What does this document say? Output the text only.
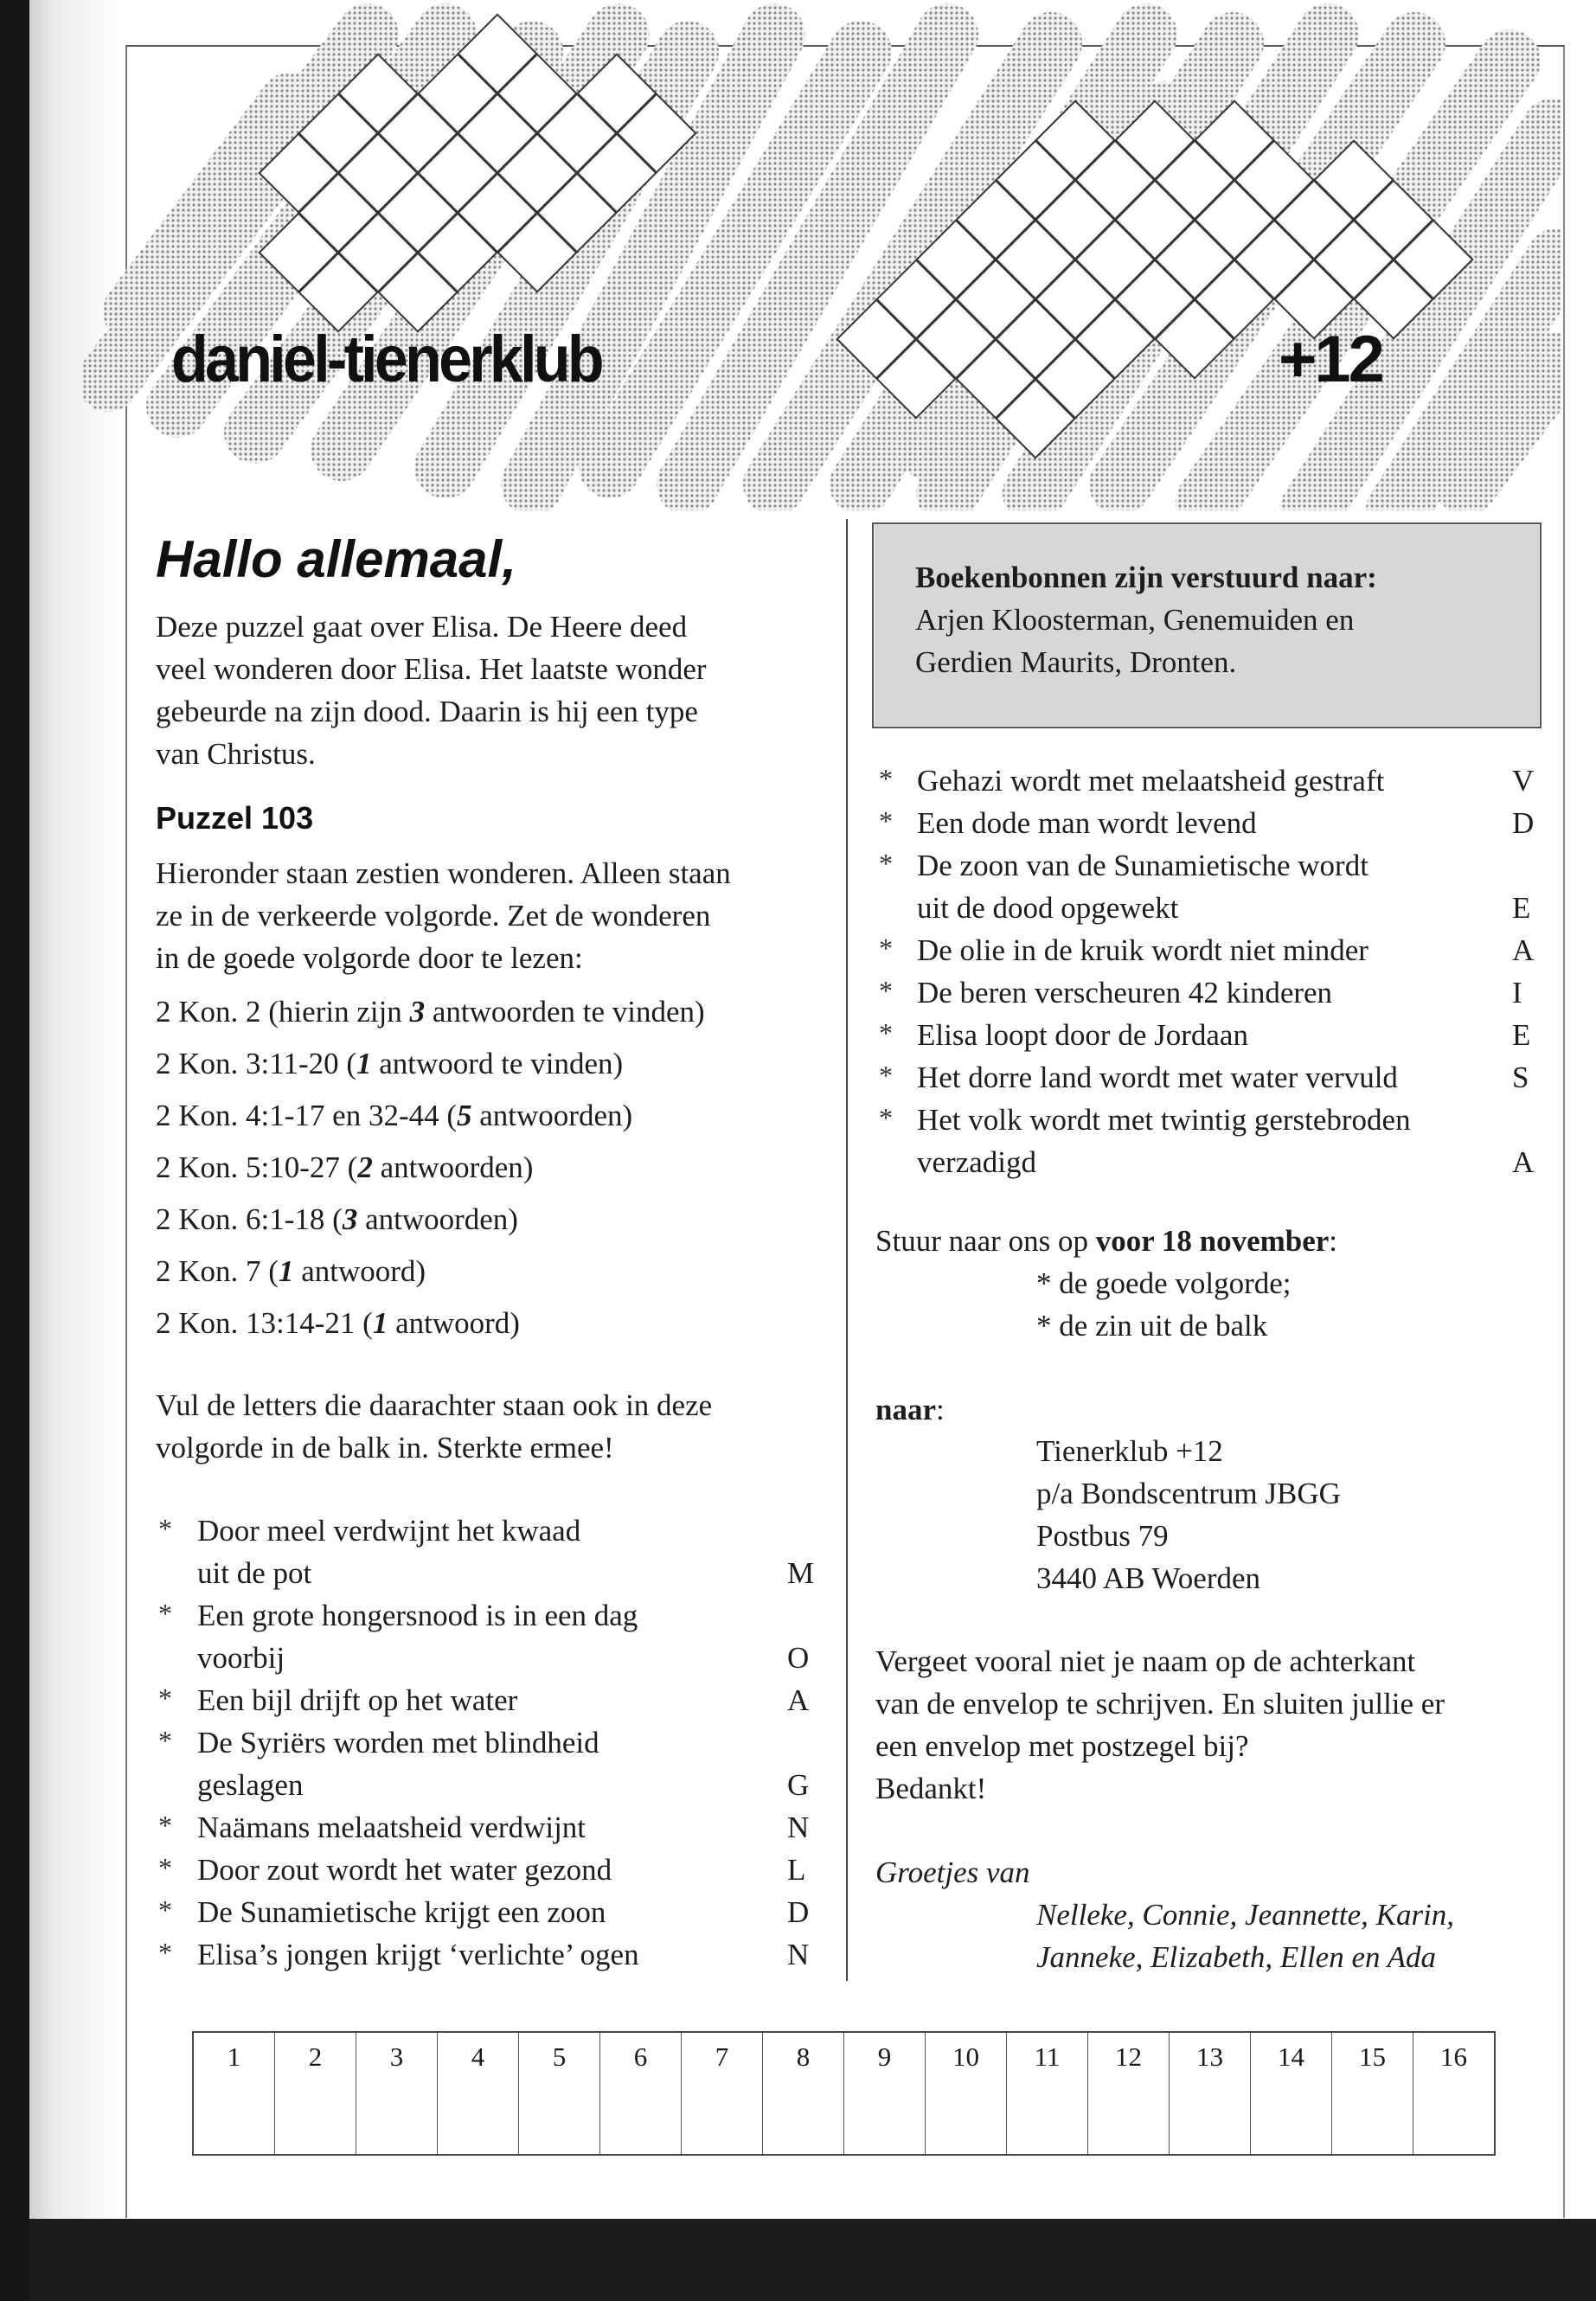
daniel-tienerklub	+12
Hallo allemaal,
Deze puzzel gaat over Elisa. De Heere deed
veel wonderen door Elisa. Het laatste wonder
gebeurde na zijn dood. Daarin is hij een type
van Christus.
Puzzel 103
Hieronder staan zestien wonderen. Alleen staan
ze in de verkeerde volgorde. Zet de wonderen
in de goede volgorde door te lezen:
2 Kon. 2 (hierin zijn 3 antwoorden te vinden)
2 Kon. 3:11-20 (1 antwoord te vinden)
2 Kon. 4:1-17 en 32-44 (5 antwoorden)
2 Kon. 5:10-27 (2 antwoorden)
2 Kon. 6:1-18 (3 antwoorden)
2 Kon. 7 (1 antwoord)
2 Kon. 13:14-21 (1 antwoord)
Vul de letters die daarachter staan ook in deze
volgorde in de balk in. Sterkte ermee!
* Door meel verdwijnt het kwaad
uit de pot	M
* Een grote hongersnood is in een dag
voorbij	O
* Een bijl drijft op het water	A
* De Syriërs worden met blindheid
geslagen	G
* Naämans melaatsheid verdwijnt	N
* Door zout wordt het water gezond	L
* De Sunamietische krijgt een zoon	D
* Elisa’s jongen krijgt ‘verlichte’ ogen	N
Boekenbonnen zijn verstuurd naar:
Arjen Kloosterman, Genemuiden en
Gerdien Maurits, Dronten.
* Gehazi wordt met melaatsheid gestraft	V
* Een dode man wordt levend	D
* De zoon van de Sunamietische wordt
uit de dood opgewekt	E
* De olie in de kruik wordt niet minder	A
* De beren verscheuren 42 kinderen	I
* Elisa loopt door de Jordaan	E
* Het dorre land wordt met water vervuld	S
* Het volk wordt met twintig gerstebroden
verzadigd	A
Stuur naar ons op voor 18 november:
* de goede volgorde;
* de zin uit de balk
naar:
Tienerklub +12
p/a Bondscentrum JBGG
Postbus 79
3440 AB Woerden
Vergeet vooral niet je naam op de achterkant
van de envelop te schrijven. En sluiten jullie er
een envelop met postzegel bij?
Bedankt!
Groetjes van
Nelleke, Connie, Jeannette, Karin,
Janneke, Elizabeth, Ellen en Ada
1	2	3	4	5	6	7	8	9	10	11	12	13	14	15	16
